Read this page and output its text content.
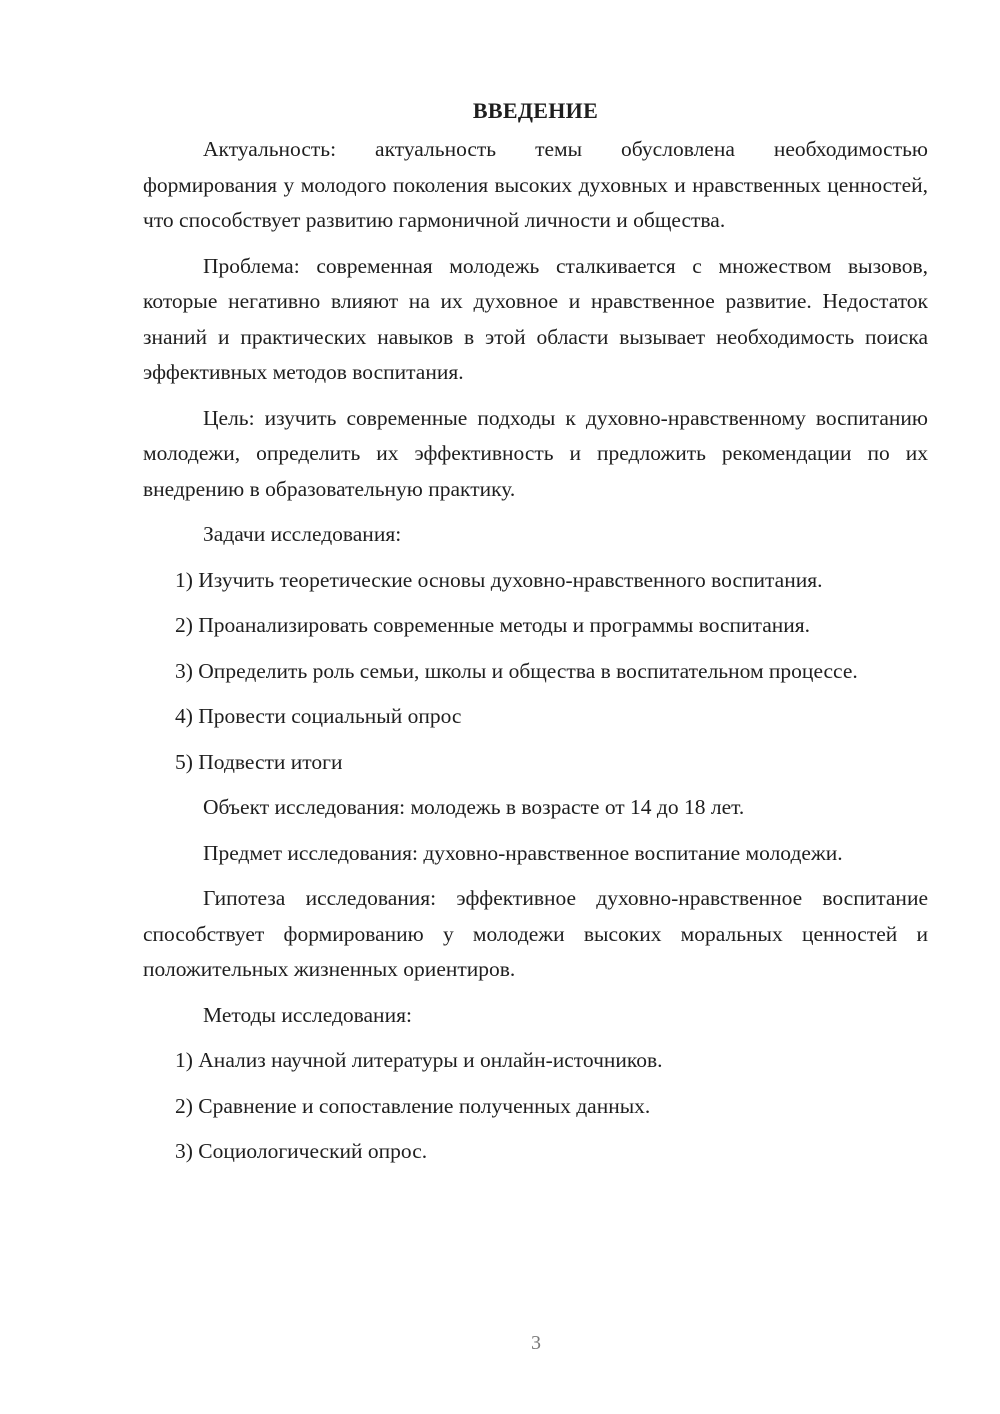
ВВЕДЕНИЕ
Актуальность: актуальность темы обусловлена необходимостью формирования у молодого поколения высоких духовных и нравственных ценностей, что способствует развитию гармоничной личности и общества.
Проблема: современная молодежь сталкивается с множеством вызовов, которые негативно влияют на их духовное и нравственное развитие. Недостаток знаний и практических навыков в этой области вызывает необходимость поиска эффективных методов воспитания.
Цель: изучить современные подходы к духовно-нравственному воспитанию молодежи, определить их эффективность и предложить рекомендации по их внедрению в образовательную практику.
Задачи исследования:
1) Изучить теоретические основы духовно-нравственного воспитания.
2) Проанализировать современные методы и программы воспитания.
3) Определить роль семьи, школы и общества в воспитательном процессе.
4) Провести социальный опрос
5) Подвести итоги
Объект исследования: молодежь в возрасте от 14 до 18 лет.
Предмет исследования: духовно-нравственное воспитание молодежи.
Гипотеза исследования: эффективное духовно-нравственное воспитание способствует формированию у молодежи высоких моральных ценностей и положительных жизненных ориентиров.
Методы исследования:
1) Анализ научной литературы и онлайн-источников.
2) Сравнение и сопоставление полученных данных.
3) Социологический опрос.
3
